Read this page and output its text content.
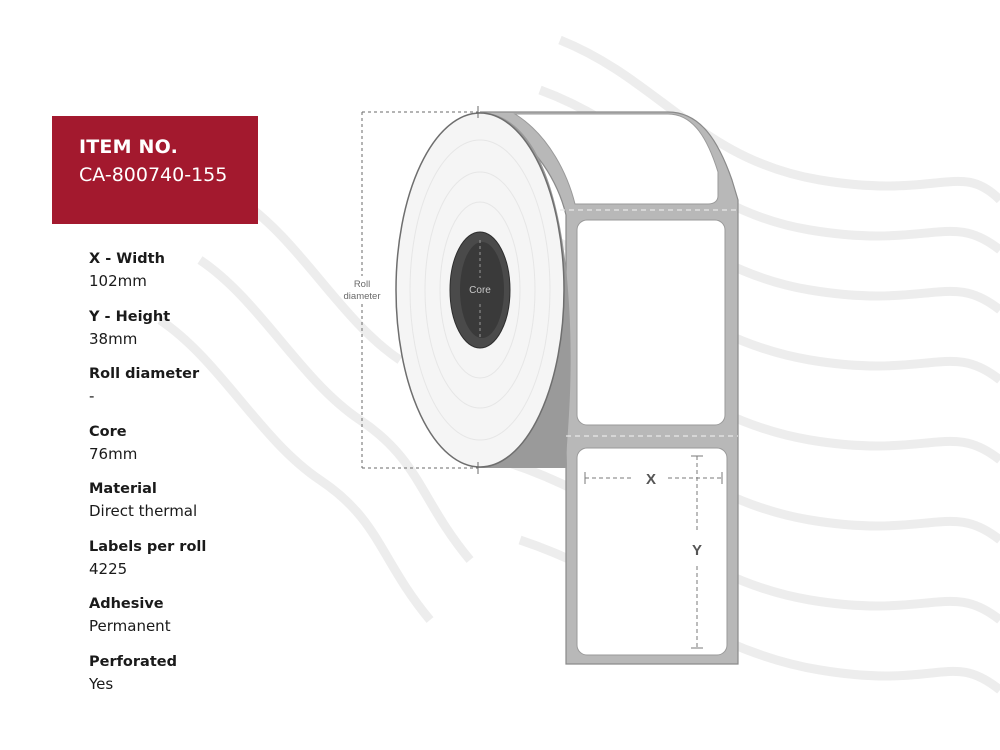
ITEM NO.
CA-800740-155
X - Width
102mm
Y - Height
38mm
Roll diameter
-
Core
76mm
Material
Direct thermal
Labels per roll
4225
Adhesive
Permanent
Perforated
Yes
Core
Roll
diameter
X
Y
